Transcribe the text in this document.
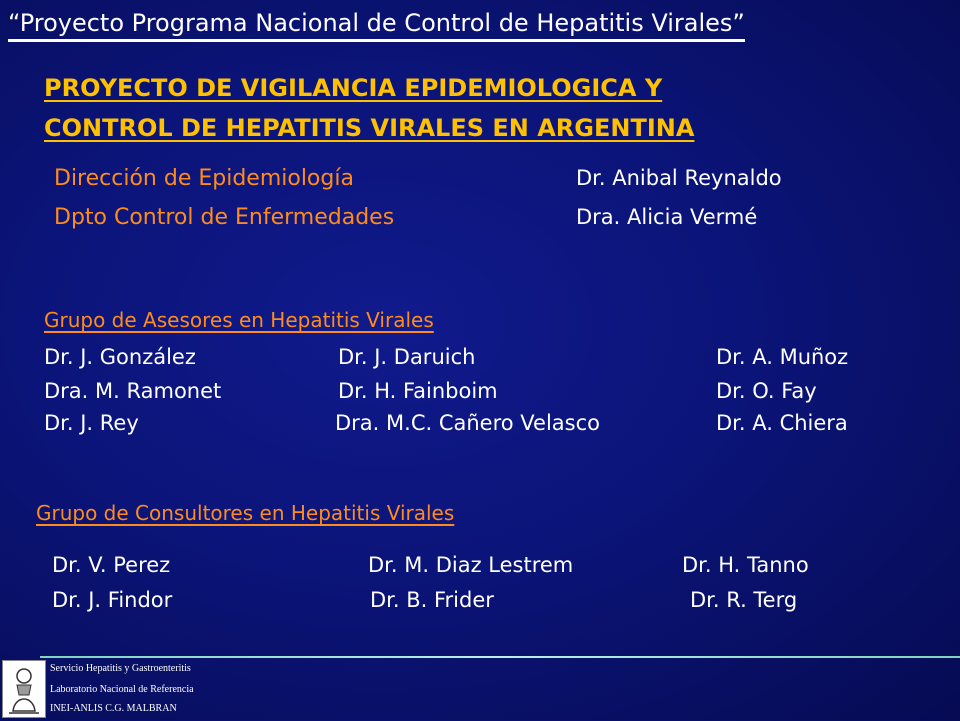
“Proyecto Programa Nacional de Control de Hepatitis Virales”
PROYECTO DE VIGILANCIA EPIDEMIOLOGICA Y
CONTROL DE HEPATITIS VIRALES EN ARGENTINA
Dirección de Epidemiología	Dr. Anibal Reynaldo
Dpto Control de Enfermedades	Dra. Alicia Vermé
Grupo de Asesores en Hepatitis Virales
Dr. J. González	Dr. J. Daruich	Dr. A. Muñoz
Dra. M. Ramonet	Dr. H. Fainboim	Dr. O. Fay
Dr. J. Rey	Dra. M.C. Cañero Velasco	Dr. A. Chiera
Grupo de Consultores en Hepatitis Virales
Dr. V. Perez	Dr. M. Diaz Lestrem	Dr. H. Tanno
Dr. J. Findor	Dr. B. Frider	Dr. R. Terg
Servicio Hepatitis y Gastroenteritis
Laboratorio Nacional de Referencia
INEI-ANLIS C.G. MALBRAN
